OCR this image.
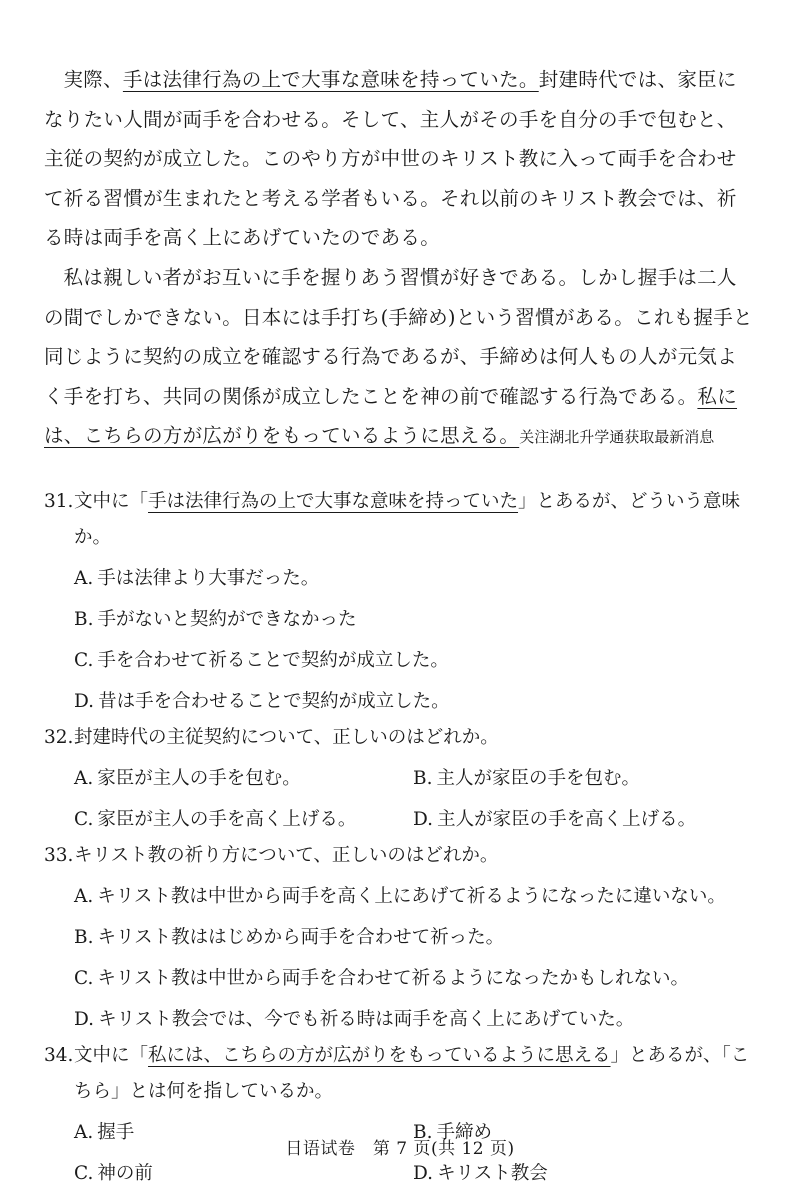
実際、手は法律行為の上で大事な意味を持っていた。封建時代では、家臣になりたい人間が両手を合わせる。そして、主人がその手を自分の手で包むと、主従の契約が成立した。このやり方が中世のキリスト教に入って両手を合わせて祈る習慣が生まれたと考える学者もいる。それ以前のキリスト教会では、祈る時は両手を高く上にあげていたのである。

私は親しい者がお互いに手を握りあう習慣が好きである。しかし握手は二人の間でしかできない。日本には手打ち(手締め)という習慣がある。これも握手と同じように契約の成立を確認する行為であるが、手締めは何人もの人が元気よく手を打ち、共同の関係が成立したことを神の前で確認する行為である。私には、こちらの方が広がりをもっているように思える。关注湖北升学通获取最新消息

31.文中に「手は法律行為の上で大事な意味を持っていた」とあるが、どういう意味か。
A. 手は法律より大事だった。
B. 手がないと契約ができなかった
C. 手を合わせて祈ることで契約が成立した。
D. 昔は手を合わせることで契約が成立した。
32.封建時代の主従契約について、正しいのはどれか。
A. 家臣が主人の手を包む。	B. 主人が家臣の手を包む。
C. 家臣が主人の手を高く上げる。	D. 主人が家臣の手を高く上げる。
33.キリスト教の祈り方について、正しいのはどれか。
A. キリスト教は中世から両手を高く上にあげて祈るようになったに違いない。
B. キリスト教ははじめから両手を合わせて祈った。
C. キリスト教は中世から両手を合わせて祈るようになったかもしれない。
D. キリスト教会では、今でも祈る時は両手を高く上にあげていた。
34.文中に「私には、こちらの方が広がりをもっているように思える」とあるが、「こちら」とは何を指しているか。
A. 握手	B. 手締め
C. 神の前	D. キリスト教会
日语试卷　第 7 页(共 12 页)
